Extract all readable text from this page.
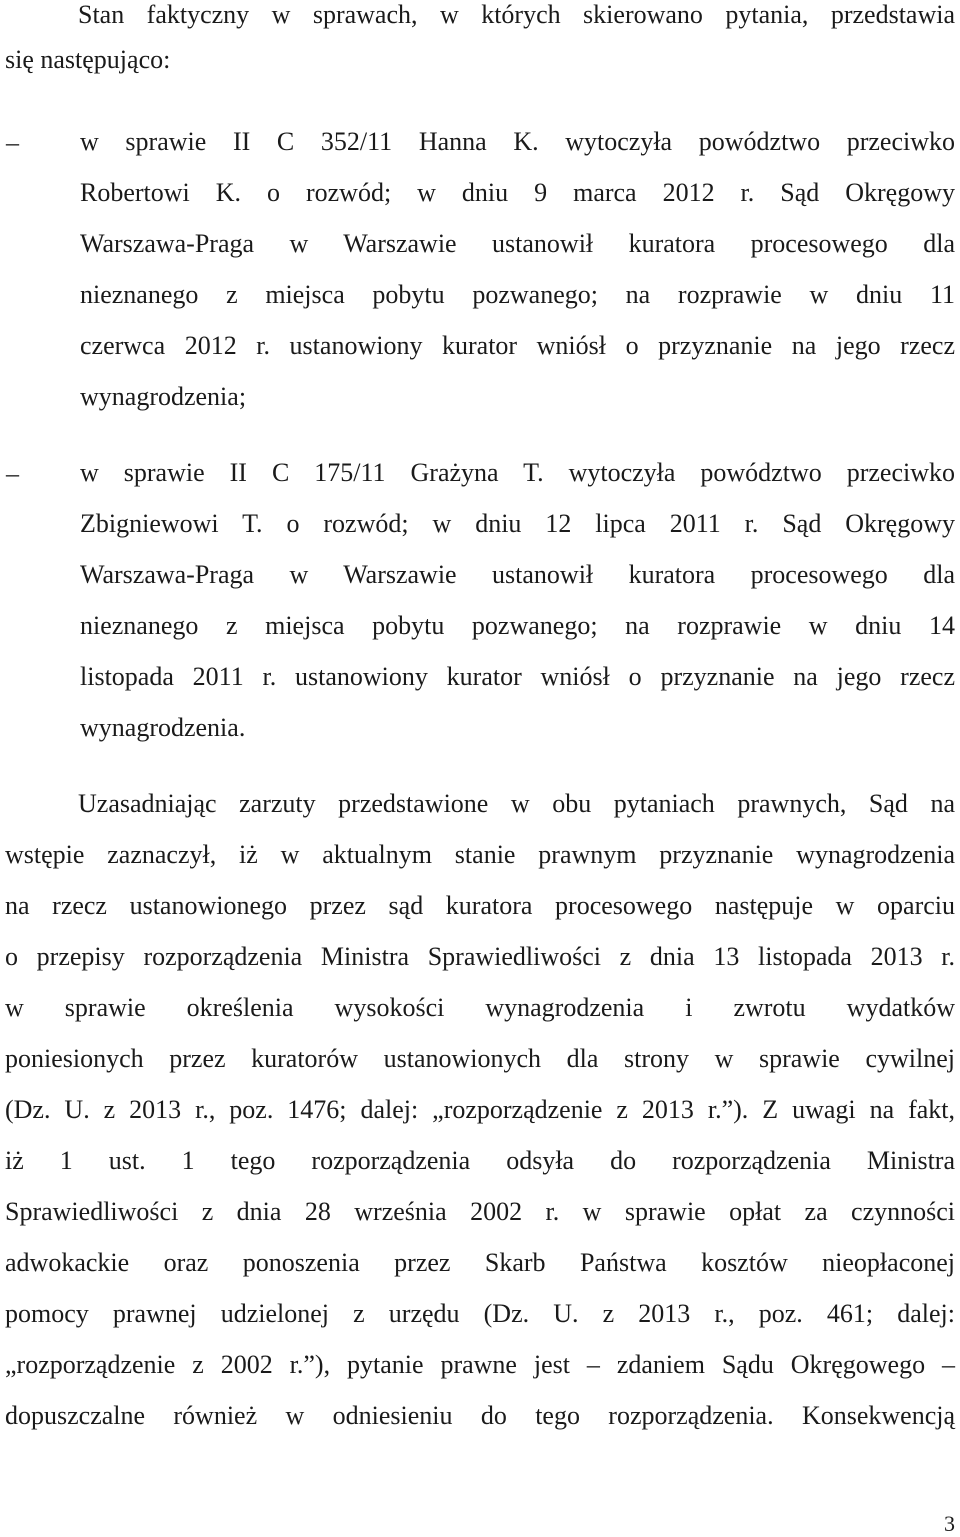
Stan faktyczny w sprawach, w których skierowano pytania, przedstawia
się następująco:
– w sprawie II C 352/11 Hanna K. wytoczyła powództwo przeciwko
Robertowi K. o rozwód; w dniu 9 marca 2012 r. Sąd Okręgowy
Warszawa-Praga w Warszawie ustanowił kuratora procesowego dla
nieznanego z miejsca pobytu pozwanego; na rozprawie w dniu 11
czerwca 2012 r. ustanowiony kurator wniósł o przyznanie na jego rzecz
wynagrodzenia;
– w sprawie II C 175/11 Grażyna T. wytoczyła powództwo przeciwko
Zbigniewowi T. o rozwód; w dniu 12 lipca 2011 r. Sąd Okręgowy
Warszawa-Praga w Warszawie ustanowił kuratora procesowego dla
nieznanego z miejsca pobytu pozwanego; na rozprawie w dniu 14
listopada 2011 r. ustanowiony kurator wniósł o przyznanie na jego rzecz
wynagrodzenia.
Uzasadniając zarzuty przedstawione w obu pytaniach prawnych, Sąd na
wstępie zaznaczył, iż w aktualnym stanie prawnym przyznanie wynagrodzenia
na rzecz ustanowionego przez sąd kuratora procesowego następuje w oparciu
o przepisy rozporządzenia Ministra Sprawiedliwości z dnia 13 listopada 2013 r.
w sprawie określenia wysokości wynagrodzenia i zwrotu wydatków
poniesionych przez kuratorów ustanowionych dla strony w sprawie cywilnej
(Dz. U. z 2013 r., poz. 1476; dalej: „rozporządzenie z 2013 r.”). Z uwagi na fakt,
iż 1 ust. 1 tego rozporządzenia odsyła do rozporządzenia Ministra
Sprawiedliwości z dnia 28 września 2002 r. w sprawie opłat za czynności
adwokackie oraz ponoszenia przez Skarb Państwa kosztów nieopłaconej
pomocy prawnej udzielonej z urzędu (Dz. U. z 2013 r., poz. 461; dalej:
„rozporządzenie z 2002 r.”), pytanie prawne jest – zdaniem Sądu Okręgowego –
dopuszczalne również w odniesieniu do tego rozporządzenia. Konsekwencją
3
